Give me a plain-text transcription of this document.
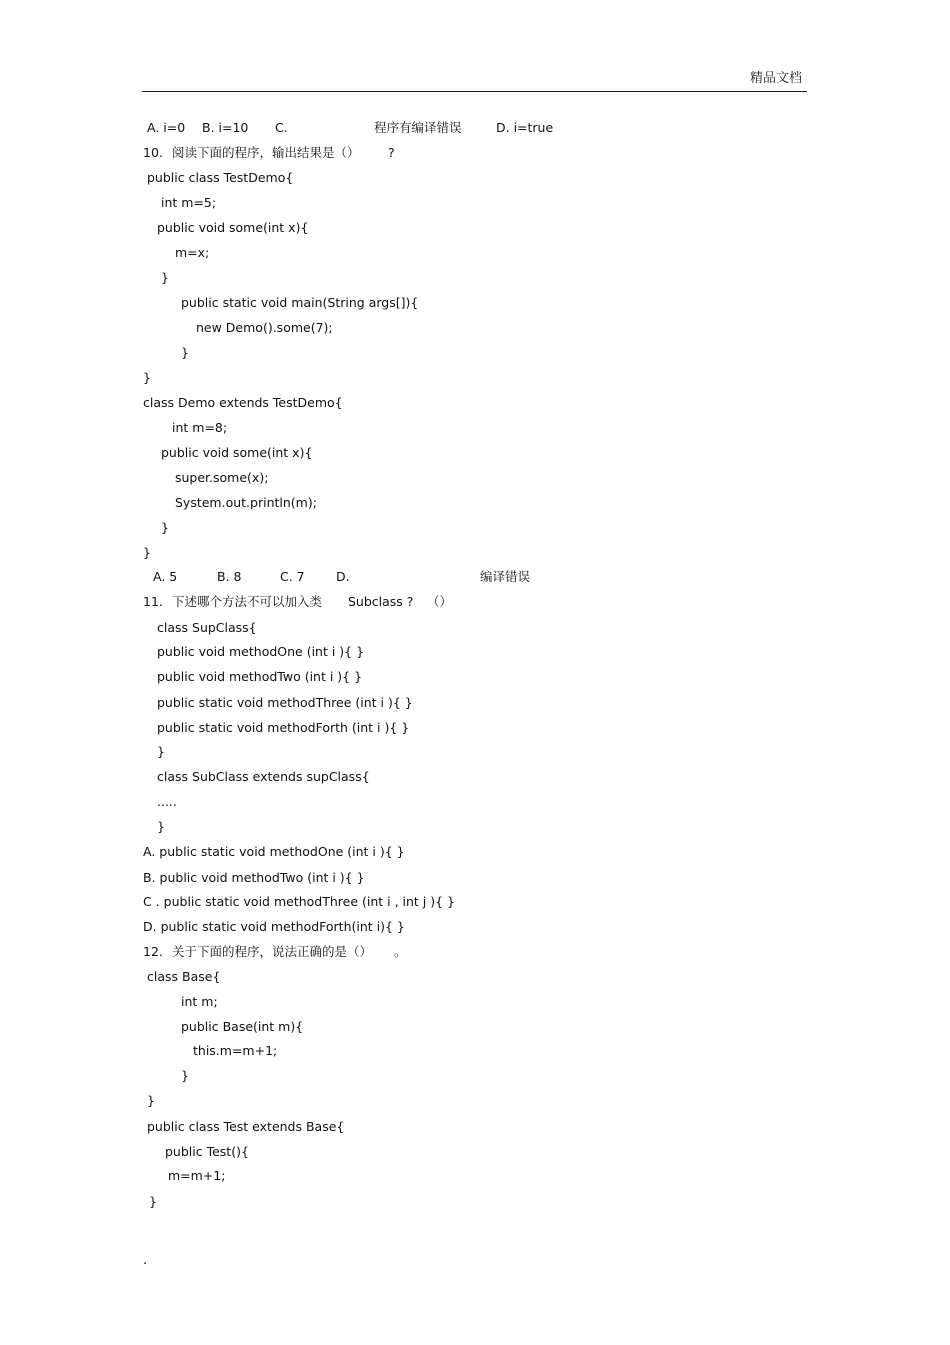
精品文档
A. i=0 B. i=10 C.	程序有编译错误	D. i=true
10. 阅读下面的程序，输出结果是（） ?
public class TestDemo{
int m=5;
public void some(int x){
m=x;
}
public static void main(String args[]){
new Demo().some(7);
}
}
class Demo extends TestDemo{
int m=8;
public void some(int x){
super.some(x);
System.out.println(m);
}
}
A. 5	B. 8	C. 7	D.	编译错误
11. 下述哪个方法不可以加入类 Subclass ? （）
class SupClass{
public void methodOne (int i ){ }
public void methodTwo (int i ){ }
public static void methodThree (int i ){ }
public static void methodForth (int i ){ }
}
class SubClass extends supClass{
.....
}
A. public static void methodOne (int i ){ }
B. public void methodTwo (int i ){ }
C . public static void methodThree (int i , int j ){ }
D. public static void methodForth(int i){ }
12. 关于下面的程序，说法正确的是（） 。
class Base{
int m;
public Base(int m){
this.m=m+1;
}
}
public class Test extends Base{
public Test(){
m=m+1;
}
.
